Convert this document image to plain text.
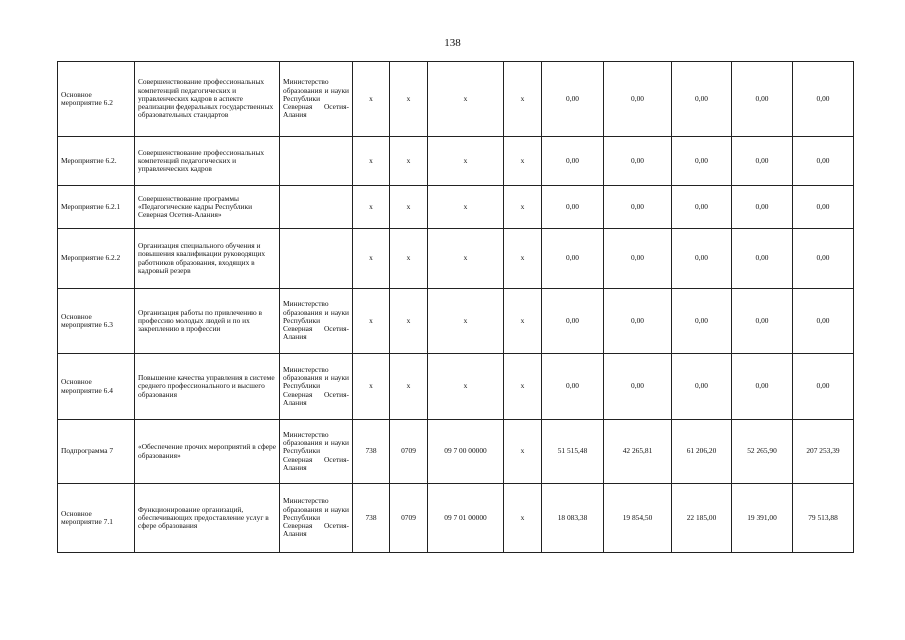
138
Основное мероприятие 6.2	Совершенствование профессиональных компетенций педагогических и управленческих кадров в аспекте реализации федеральных государственных образовательных стандартов	Министерство образования и науки Республики Северная Осетия-Алания	x	x	x	x	0,00	0,00	0,00	0,00	0,00
Мероприятие 6.2.	Совершенствование профессиональных компетенций педагогических и управленческих кадров		x	x	x	x	0,00	0,00	0,00	0,00	0,00
Мероприятие 6.2.1	Совершенствование программы «Педагогические кадры Республики Северная Осетия-Алания»		x	x	x	x	0,00	0,00	0,00	0,00	0,00
Мероприятие 6.2.2	Организация специального обучения и повышения квалификации руководящих работников образования, входящих в кадровый резерв		x	x	x	x	0,00	0,00	0,00	0,00	0,00
Основное мероприятие 6.3	Организация работы по привлечению в профессию молодых людей и по их закреплению в профессии	Министерство образования и науки Республики Северная Осетия-Алания	x	x	x	x	0,00	0,00	0,00	0,00	0,00
Основное мероприятие 6.4	Повышение качества управления в системе среднего профессионального и высшего образования	Министерство образования и науки Республики Северная Осетия-Алания	x	x	x	x	0,00	0,00	0,00	0,00	0,00
Подпрограмма 7	«Обеспечение прочих мероприятий в сфере образования»	Министерство образования и науки Республики Северная Осетия-Алания	738	0709	09 7 00 00000	x	51 515,48	42 265,81	61 206,20	52 265,90	207 253,39
Основное мероприятие 7.1	Функционирование организаций, обеспечивающих предоставление услуг в сфере образования	Министерство образования и науки Республики Северная Осетия-Алания	738	0709	09 7 01 00000	x	18 083,38	19 854,50	22 185,00	19 391,00	79 513,88
